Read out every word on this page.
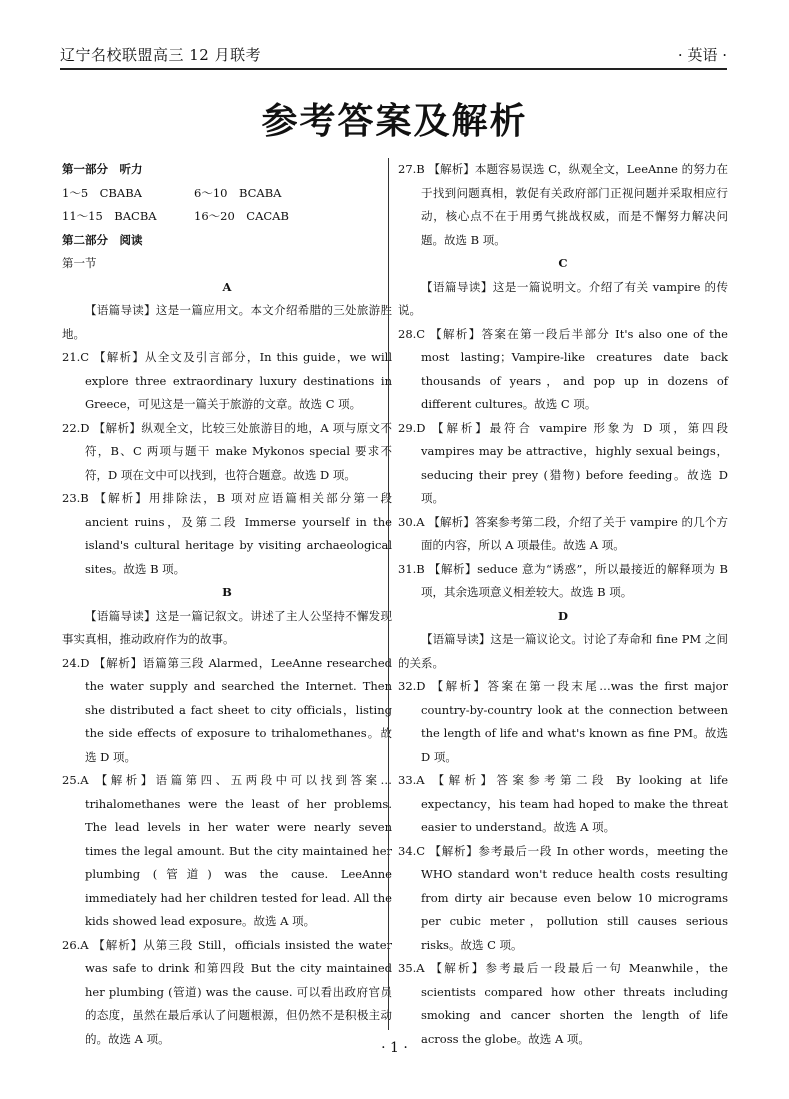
辽宁名校联盟高三 12 月联考	· 英语 ·
参考答案及解析

第一部分　听力

1～5　CBABA	6～10　BCABA

11～15　BACBA	16～20　CACAB

第二部分　阅读

第一节

A

【语篇导读】这是一篇应用文。本文介绍希腊的三处旅游胜地。

21.C 【解析】从全文及引言部分，In this guide，we will explore three extraordinary luxury destinations in Greece，可见这是一篇关于旅游的文章。故选 C 项。

22.D 【解析】纵观全文，比较三处旅游目的地，A 项与原文不符，B、C 两项与题干 make Mykonos special 要求不符，D 项在文中可以找到，也符合题意。故选 D 项。

23.B 【解析】用排除法，B 项对应语篇相关部分第一段 ancient ruins，及第二段 Immerse yourself in the island's cultural heritage by visiting archaeological sites。故选 B 项。

B

【语篇导读】这是一篇记叙文。讲述了主人公坚持不懈发现事实真相，推动政府作为的故事。

24.D 【解析】语篇第三段 Alarmed，LeeAnne researched the water supply and searched the Internet. Then she distributed a fact sheet to city officials，listing the side effects of exposure to trihalomethanes。故选 D 项。

25.A 【解析】语篇第四、五两段中可以找到答案…trihalomethanes were the least of her problems. The lead levels in her water were nearly seven times the legal amount. But the city maintained her plumbing (管道) was the cause. LeeAnne immediately had her children tested for lead. All the kids showed lead exposure。故选 A 项。

26.A 【解析】从第三段 Still，officials insisted the water was safe to drink 和第四段 But the city maintained her plumbing (管道) was the cause. 可以看出政府官员的态度，虽然在最后承认了问题根源，但仍然不是积极主动的。故选 A 项。

27.B 【解析】本题容易误选 C，纵观全文，LeeAnne 的努力在于找到问题真相，敦促有关政府部门正视问题并采取相应行动，核心点不在于用勇气挑战权威，而是不懈努力解决问题。故选 B 项。

C

【语篇导读】这是一篇说明文。介绍了有关 vampire 的传说。

28.C 【解析】答案在第一段后半部分 It's also one of the most lasting；Vampire-like creatures date back thousands of years，and pop up in dozens of different cultures。故选 C 项。

29.D 【解析】最符合 vampire 形象为 D 项，第四段 vampires may be attractive，highly sexual beings，seducing their prey (猎物) before feeding。故选 D 项。

30.A 【解析】答案参考第二段，介绍了关于 vampire 的几个方面的内容，所以 A 项最佳。故选 A 项。

31.B 【解析】seduce 意为“诱惑”，所以最接近的解释项为 B 项，其余选项意义相差较大。故选 B 项。

D

【语篇导读】这是一篇议论文。讨论了寿命和 fine PM 之间的关系。

32.D 【解析】答案在第一段末尾…was the first major country-by-country look at the connection between the length of life and what's known as fine PM。故选 D 项。

33.A 【解析】答案参考第二段 By looking at life expectancy，his team had hoped to make the threat easier to understand。故选 A 项。

34.C 【解析】参考最后一段 In other words，meeting the WHO standard won't reduce health costs resulting from dirty air because even below 10 micrograms per cubic meter，pollution still causes serious risks。故选 C 项。

35.A 【解析】参考最后一段最后一句 Meanwhile，the scientists compared how other threats including smoking and cancer shorten the length of life across the globe。故选 A 项。

· 1 ·
